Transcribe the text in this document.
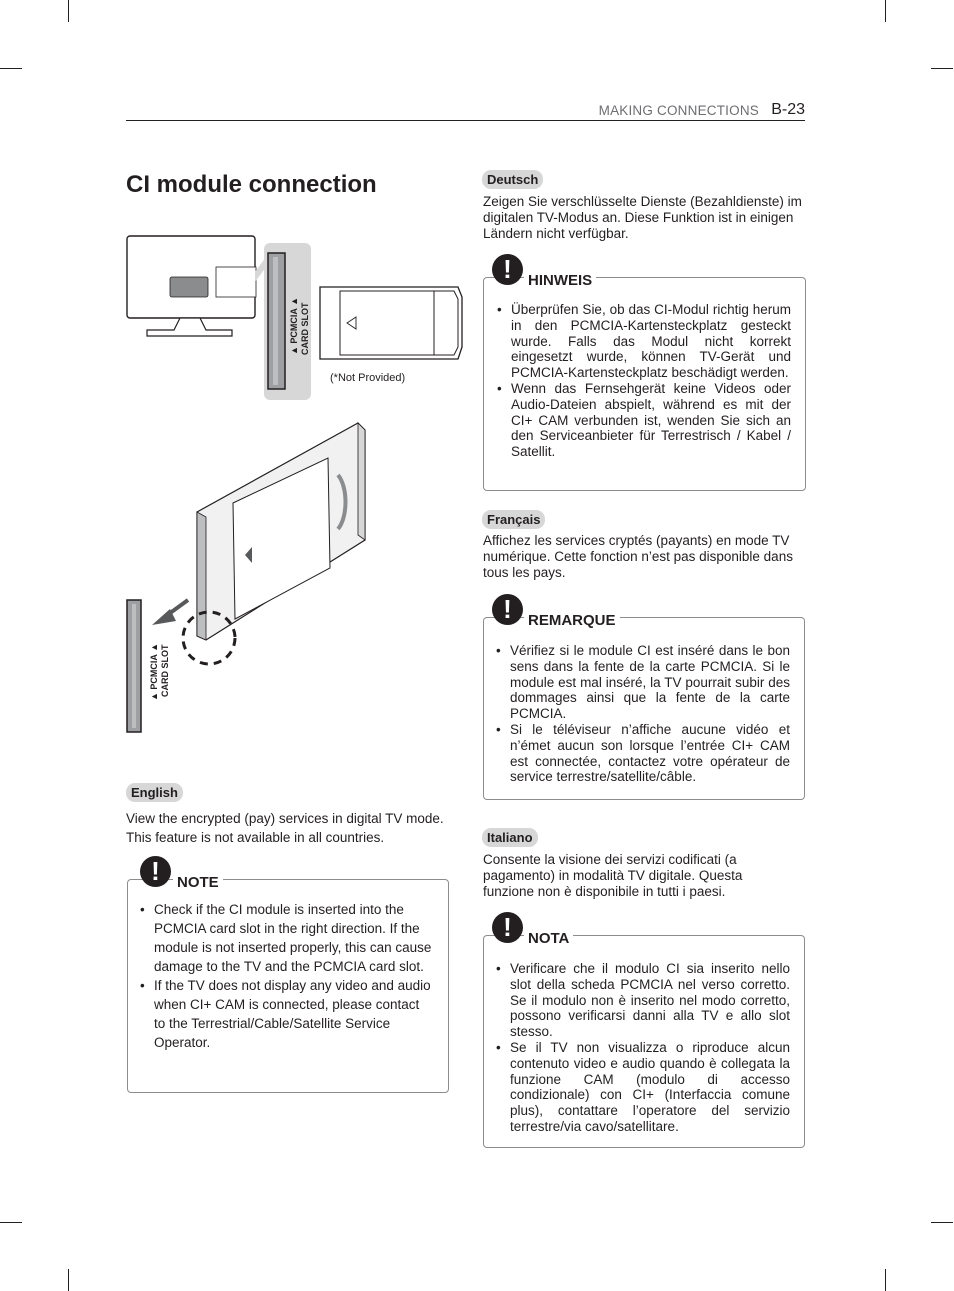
MAKING CONNECTIONS B-23
CI module connection
▲ PCMCIA ▲ CARD SLOT
(*Not Provided)
▲ PCMCIA ▲ CARD SLOT
English

View the encrypted (pay) services in digital TV mode. This feature is not available in all countries.

!	NOTE
• Check if the CI module is inserted into the PCMCIA card slot in the right direction. If the module is not inserted properly, this can cause damage to the TV and the PCMCIA card slot.
• If the TV does not display any video and audio when CI+ CAM is connected, please contact to the Terrestrial/Cable/Satellite Service Operator.
Deutsch

Zeigen Sie verschlüsselte Dienste (Bezahldienste) im digitalen TV-Modus an. Diese Funktion ist in einigen Ländern nicht verfügbar.

!	HINWEIS
• Überprüfen Sie, ob das CI-Modul richtig herum in den PCMCIA-Kartensteckplatz gesteckt wurde. Falls das Modul nicht korrekt eingesetzt wurde, können TV-Gerät und PCMCIA-Kartensteckplatz beschädigt werden.
• Wenn das Fernsehgerät keine Videos oder Audio-Dateien abspielt, während es mit der CI+ CAM verbunden ist, wenden Sie sich an den Serviceanbieter für Terrestrisch / Kabel / Satellit.
Français

Affichez les services cryptés (payants) en mode TV numérique. Cette fonction n’est pas disponible dans tous les pays.

!	REMARQUE
• Vérifiez si le module CI est inséré dans le bon sens dans la fente de la carte PCMCIA. Si le module est mal inséré, la TV pourrait subir des dommages ainsi que la fente de la carte PCMCIA.
• Si le téléviseur n’affiche aucune vidéo et n’émet aucun son lorsque l’entrée CI+ CAM est connectée, contactez votre opérateur de service terrestre/satellite/câble.
Italiano

Consente la visione dei servizi codificati (a pagamento) in modalità TV digitale. Questa funzione non è disponibile in tutti i paesi.

!	NOTA
• Verificare che il modulo CI sia inserito nello slot della scheda PCMCIA nel verso corretto. Se il modulo non è inserito nel modo corretto, possono verificarsi danni alla TV e allo slot stesso.
• Se il TV non visualizza o riproduce alcun contenuto video e audio quando è collegata la funzione CAM (modulo di accesso condizionale) con CI+ (Interfaccia comune plus), contattare l’operatore del servizio terrestre/via cavo/satellitare.
